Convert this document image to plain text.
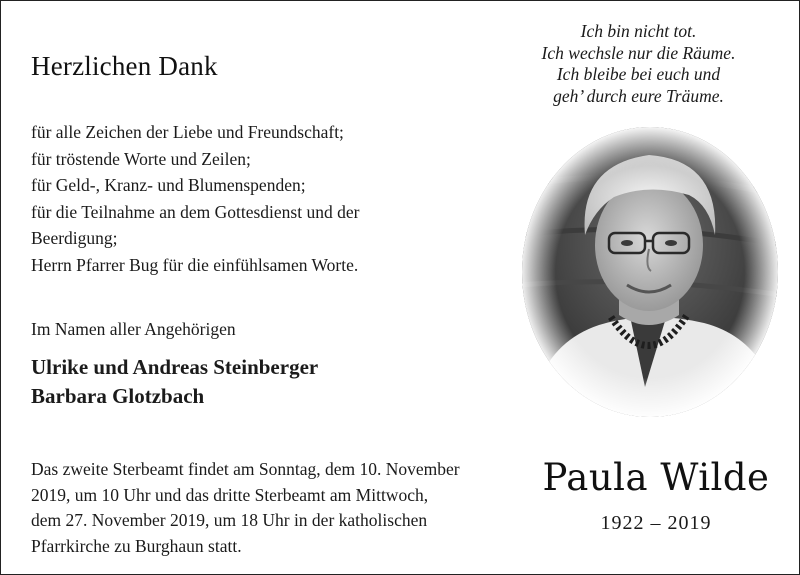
Herzlichen Dank
für alle Zeichen der Liebe und Freundschaft;
für tröstende Worte und Zeilen;
für Geld-, Kranz- und Blumenspenden;
für die Teilnahme an dem Gottesdienst und der
Beerdigung;
Herrn Pfarrer Bug für die einfühlsamen Worte.
Im Namen aller Angehörigen
Ulrike und Andreas Steinberger
Barbara Glotzbach
Das zweite Sterbeamt findet am Sonntag, dem 10. November
2019, um 10 Uhr und das dritte Sterbeamt am Mittwoch,
dem 27. November 2019, um 18 Uhr in der katholischen
Pfarrkirche zu Burghaun statt.
Ich bin nicht tot.
Ich wechsle nur die Räume.
Ich bleibe bei euch und
geh’ durch eure Träume.
Paula Wilde
1922 – 2019
